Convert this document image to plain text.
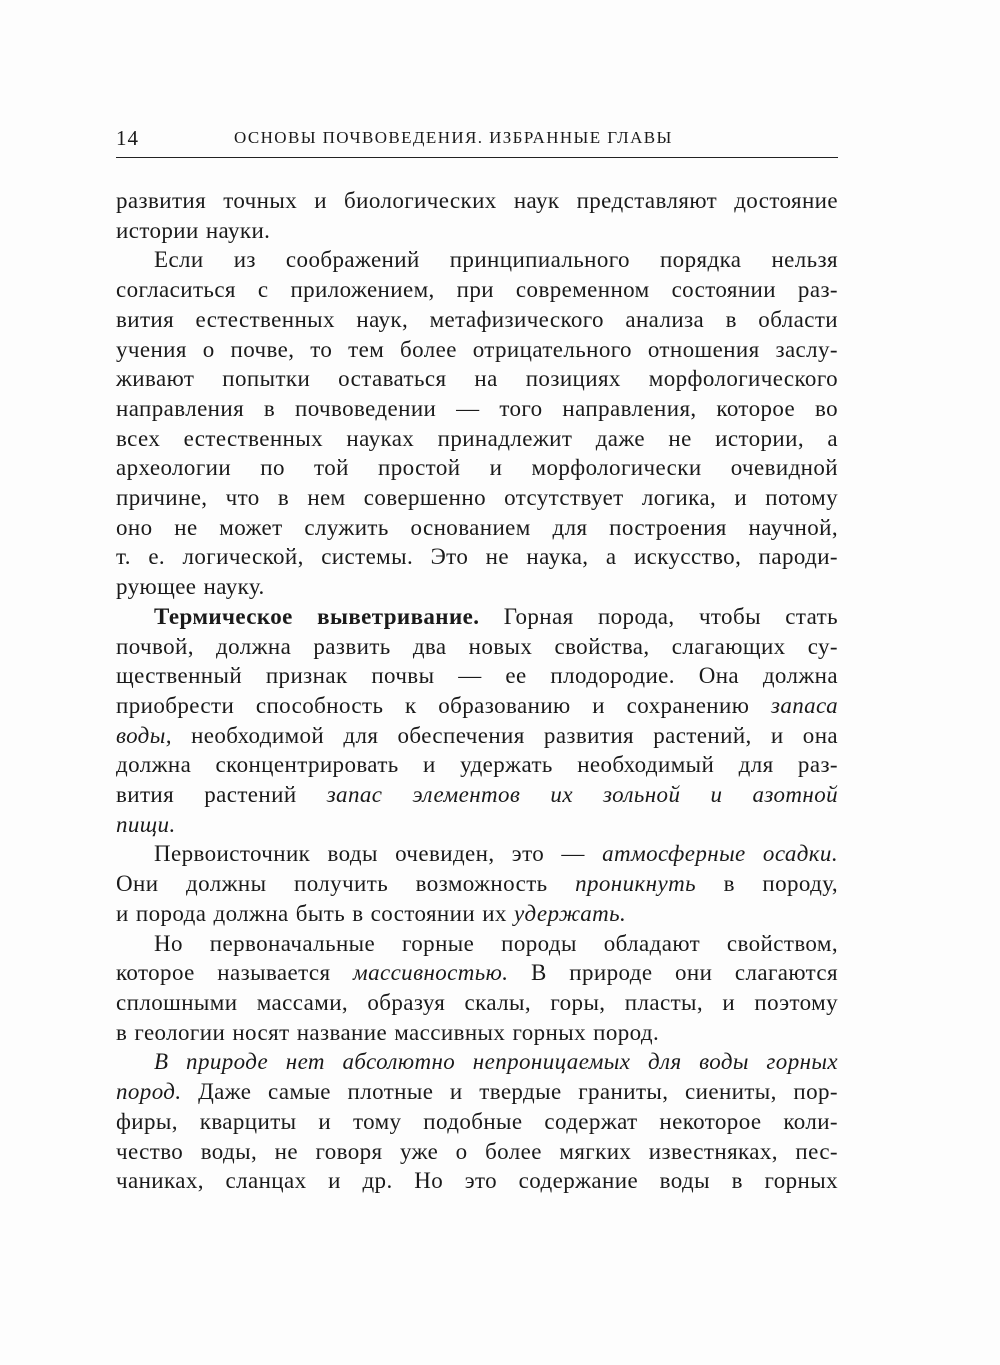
14	ОСНОВЫ ПОЧВОВЕДЕНИЯ. ИЗБРАННЫЕ ГЛАВЫ
развития точных и биологических наук представляют достояние
истории науки.
Если из соображений принципиального порядка нельзя
согласиться с приложением, при современном состоянии раз-
вития естественных наук, метафизического анализа в области
учения о почве, то тем более отрицательного отношения заслу-
живают попытки оставаться на позициях морфологического
направления в почвоведении — того направления, которое во
всех естественных науках принадлежит даже не истории, а
археологии по той простой и морфологически очевидной
причине, что в нем совершенно отсутствует логика, и потому
оно не может служить основанием для построения научной,
т. е. логической, системы. Это не наука, а искусство, пароди-
рующее науку.
Термическое выветривание. Горная порода, чтобы стать
почвой, должна развить два новых свойства, слагающих су-
щественный признак почвы — ее плодородие. Она должна
приобрести способность к образованию и сохранению запаса
воды, необходимой для обеспечения развития растений, и она
должна сконцентрировать и удержать необходимый для раз-
вития растений запас элементов их зольной и азотной
пищи.
Первоисточник воды очевиден, это — атмосферные осадки.
Они должны получить возможность проникнуть в породу,
и порода должна быть в состоянии их удержать.
Но первоначальные горные породы обладают свойством,
которое называется массивностью. В природе они слагаются
сплошными массами, образуя скалы, горы, пласты, и поэтому
в геологии носят название массивных горных пород.
В природе нет абсолютно непроницаемых для воды горных
пород. Даже самые плотные и твердые граниты, сиениты, пор-
фиры, кварциты и тому подобные содержат некоторое коли-
чество воды, не говоря уже о более мягких известняках, пес-
чаниках, сланцах и др. Но это содержание воды в горных
